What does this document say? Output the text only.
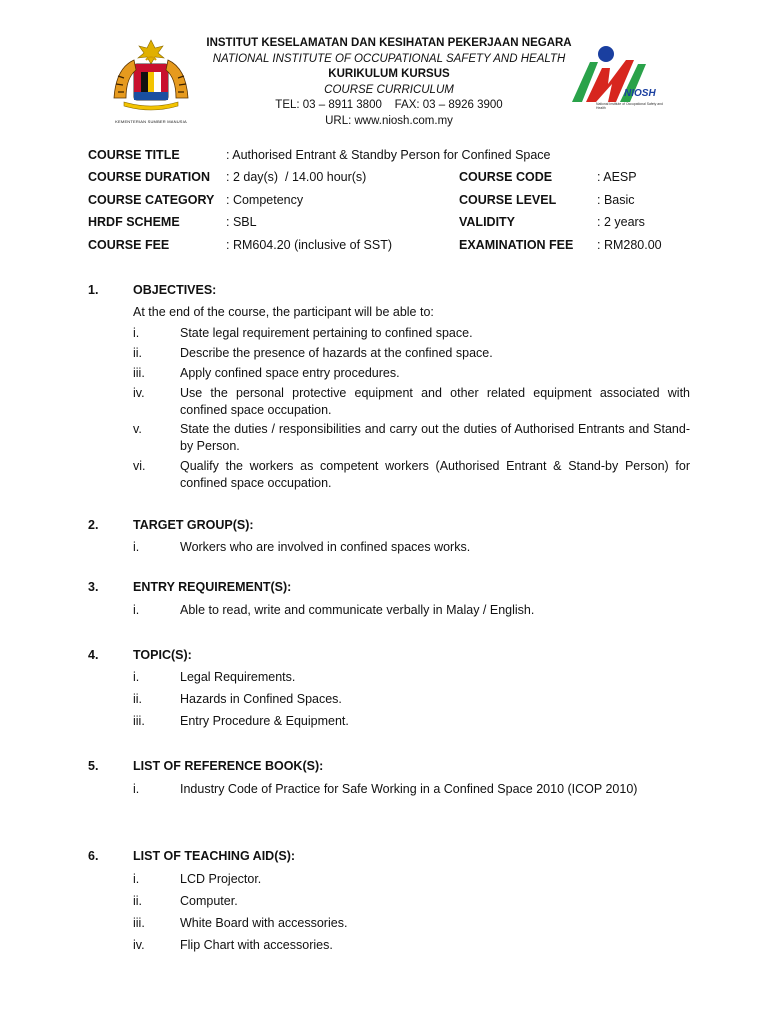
KEMENTERIAN SUMBER MANUSIA
INSTITUT KESELAMATAN DAN KESIHATAN PEKERJAAN NEGARA
NATIONAL INSTITUTE OF OCCUPATIONAL SAFETY AND HEALTH
KURIKULUM KURSUS
COURSE CURRICULUM
TEL: 03 – 8911 3800    FAX: 03 – 8926 3900
URL: www.niosh.com.my
NIOSH
National Institute of Occupational Safety and Health
COURSE TITLE	: Authorised Entrant & Standby Person for Confined Space
COURSE DURATION : 2 day(s)  / 14.00 hour(s)	COURSE CODE	: AESP
COURSE CATEGORY : Competency	COURSE LEVEL	: Basic
HRDF SCHEME	: SBL	VALIDITY	: 2 years
COURSE FEE	: RM604.20 (inclusive of SST)	EXAMINATION FEE : RM280.00
1.	OBJECTIVES:
At the end of the course, the participant will be able to:
i.	State legal requirement pertaining to confined space.
ii.	Describe the presence of hazards at the confined space.
iii.	Apply confined space entry procedures.
iv.	Use the personal protective equipment and other related equipment associated with confined space occupation.
v.	State the duties / responsibilities and carry out the duties of Authorised Entrants and Stand-by Person.
vi.	Qualify the workers as competent workers (Authorised Entrant & Stand-by Person) for confined space occupation.
2.	TARGET GROUP(S):
i.	Workers who are involved in confined spaces works.
3.	ENTRY REQUIREMENT(S):
i.	Able to read, write and communicate verbally in Malay / English.
4.	TOPIC(S):
i.	Legal Requirements.
ii.	Hazards in Confined Spaces.
iii.	Entry Procedure & Equipment.
5.	LIST OF REFERENCE BOOK(S):
i.	Industry Code of Practice for Safe Working in a Confined Space 2010 (ICOP 2010)
6.	LIST OF TEACHING AID(S):
i.	LCD Projector.
ii.	Computer.
iii.	White Board with accessories.
iv.	Flip Chart with accessories.
